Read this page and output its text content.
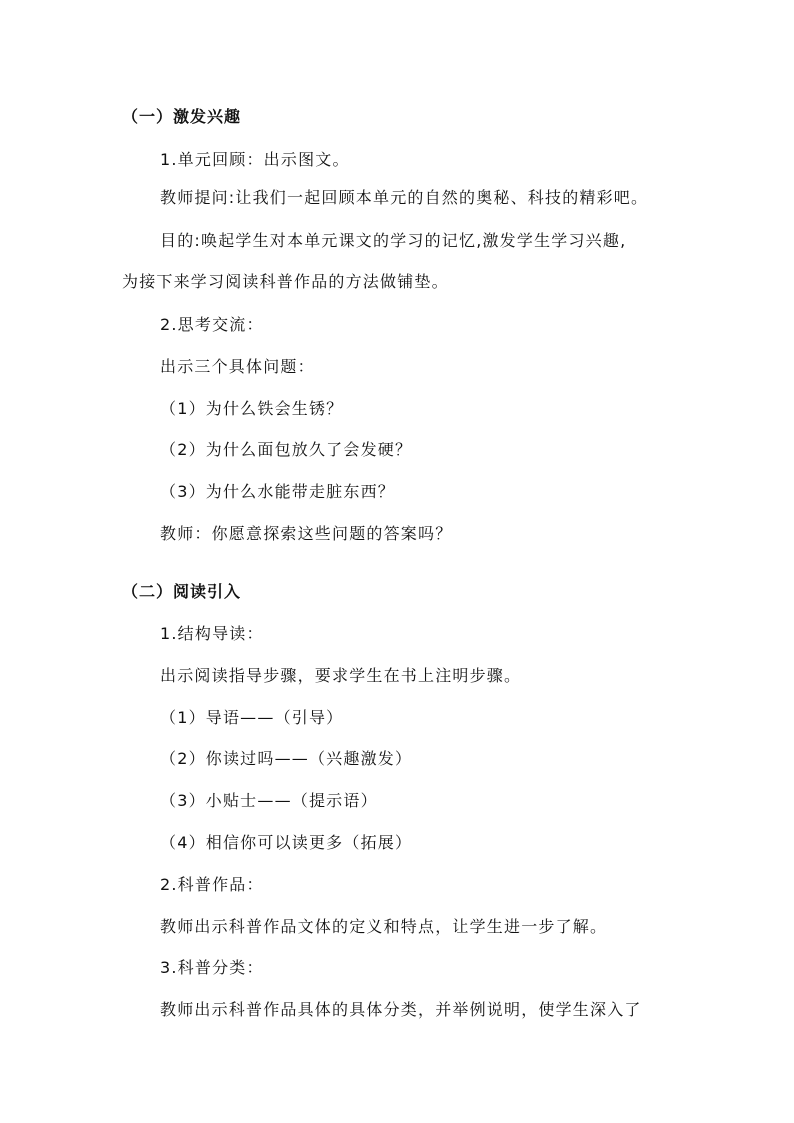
（一）激发兴趣
1.单元回顾：出示图文。
教师提问:让我们一起回顾本单元的自然的奥秘、科技的精彩吧。
目的:唤起学生对本单元课文的学习的记忆,激发学生学习兴趣,
为接下来学习阅读科普作品的方法做铺垫。
2.思考交流：
出示三个具体问题：
（1）为什么铁会生锈？
（2）为什么面包放久了会发硬？
（3）为什么水能带走脏东西？
教师：你愿意探索这些问题的答案吗？
（二）阅读引入
1.结构导读：
出示阅读指导步骤，要求学生在书上注明步骤。
（1）导语——（引导）
（2）你读过吗——（兴趣激发）
（3）小贴士——（提示语）
（4）相信你可以读更多（拓展）
2.科普作品：
教师出示科普作品文体的定义和特点，让学生进一步了解。
3.科普分类：
教师出示科普作品具体的具体分类，并举例说明，使学生深入了
